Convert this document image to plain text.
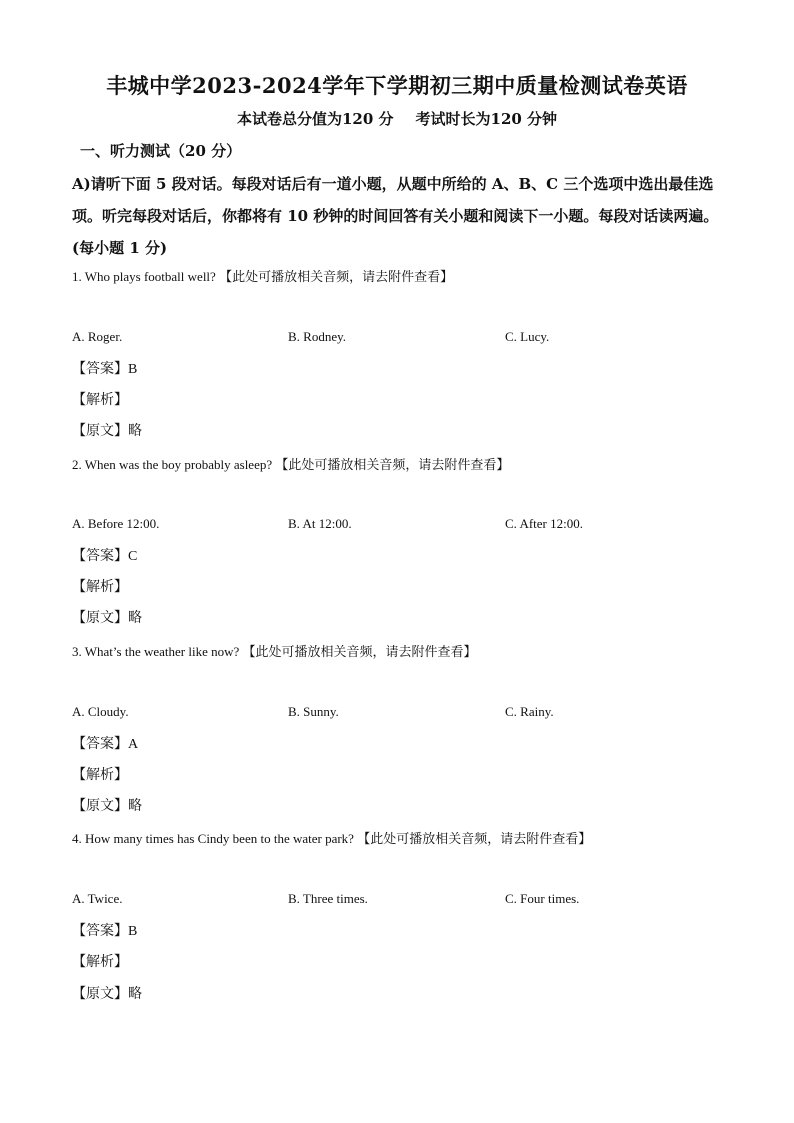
丰城中学2023-2024学年下学期初三期中质量检测试卷英语
本试卷总分值为120 分 考试时长为120 分钟
一、听力测试（20 分）
A)请听下面 5 段对话。每段对话后有一道小题，从题中所给的 A、B、C 三个选项中选出最佳选项。听完每段对话后，你都将有 10 秒钟的时间回答有关小题和阅读下一小题。每段对话读两遍。(每小题 1 分)
1. Who plays football well? 【此处可播放相关音频，请去附件查看】
A. Roger.	B. Rodney.	C. Lucy.
【答案】B
【解析】
【原文】略
2. When was the boy probably asleep? 【此处可播放相关音频，请去附件查看】
A. Before 12:00.	B. At 12:00.	C. After 12:00.
【答案】C
【解析】
【原文】略
3. What’s the weather like now? 【此处可播放相关音频，请去附件查看】
A. Cloudy.	B. Sunny.	C. Rainy.
【答案】A
【解析】
【原文】略
4. How many times has Cindy been to the water park? 【此处可播放相关音频，请去附件查看】
A. Twice.	B. Three times.	C. Four times.
【答案】B
【解析】
【原文】略
